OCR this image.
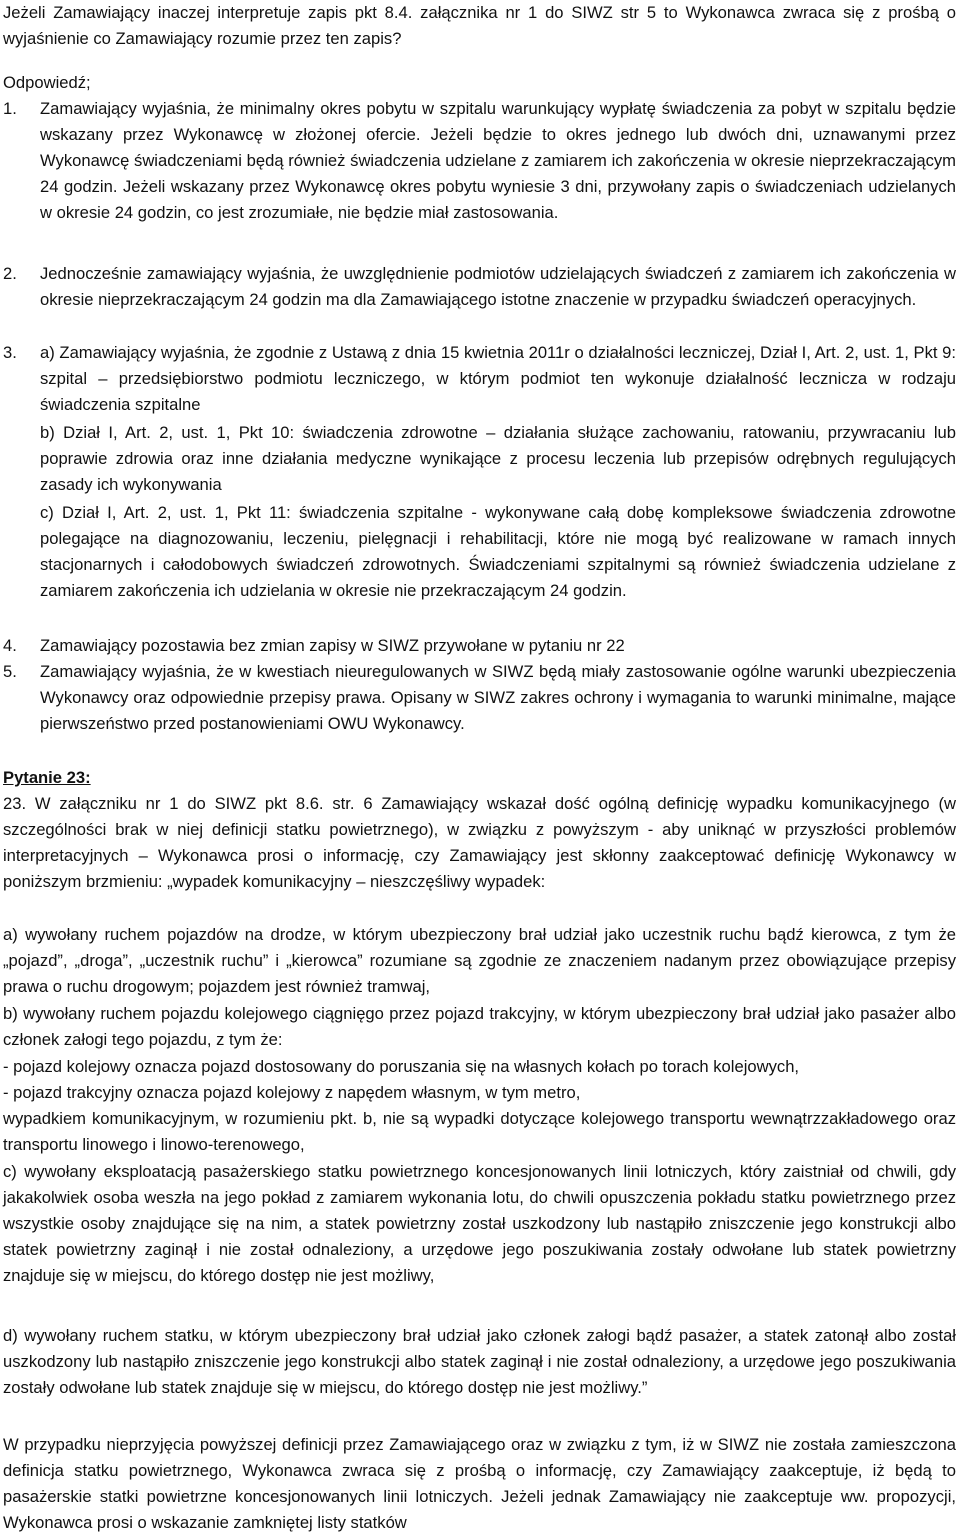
Jeżeli Zamawiający inaczej interpretuje zapis pkt 8.4. załącznika nr 1 do SIWZ str 5 to Wykonawca zwraca się z prośbą o wyjaśnienie co Zamawiający rozumie przez ten zapis?

Odpowiedź;
1. Zamawiający wyjaśnia, że minimalny okres pobytu w szpitalu warunkujący wypłatę świadczenia za pobyt w szpitalu będzie wskazany przez Wykonawcę w złożonej ofercie. Jeżeli będzie to okres jednego lub dwóch dni, uznawanymi przez Wykonawcę świadczeniami będą również świadczenia udzielane z zamiarem ich zakończenia w okresie nieprzekraczającym 24 godzin. Jeżeli wskazany przez Wykonawcę okres pobytu wyniesie 3 dni, przywołany zapis o świadczeniach udzielanych w okresie 24 godzin, co jest zrozumiałe, nie będzie miał zastosowania.

2. Jednocześnie zamawiający wyjaśnia, że uwzględnienie podmiotów udzielających świadczeń z zamiarem ich zakończenia w okresie nieprzekraczającym 24 godzin ma dla Zamawiającego istotne znaczenie w przypadku świadczeń operacyjnych.

3. a) Zamawiający wyjaśnia, że zgodnie z Ustawą z dnia 15 kwietnia 2011r o działalności leczniczej, Dział I, Art. 2, ust. 1, Pkt 9: szpital – przedsiębiorstwo podmiotu leczniczego, w którym podmiot ten wykonuje działalność lecznicza w rodzaju świadczenia szpitalne

b) Dział I, Art. 2, ust. 1, Pkt 10: świadczenia zdrowotne – działania służące zachowaniu, ratowaniu, przywracaniu lub poprawie zdrowia oraz inne działania medyczne wynikające z procesu leczenia lub przepisów odrębnych regulujących zasady ich wykonywania

c) Dział I, Art. 2, ust. 1, Pkt 11: świadczenia szpitalne - wykonywane całą dobę kompleksowe świadczenia zdrowotne polegające na diagnozowaniu, leczeniu, pielęgnacji i rehabilitacji, które nie mogą być realizowane w ramach innych stacjonarnych i całodobowych świadczeń zdrowotnych. Świadczeniami szpitalnymi są również świadczenia udzielane z zamiarem zakończenia ich udzielania w okresie nie przekraczającym 24 godzin.

4. Zamawiający pozostawia bez zmian zapisy w SIWZ przywołane w pytaniu nr 22

5. Zamawiający wyjaśnia, że w kwestiach nieuregulowanych w SIWZ będą miały zastosowanie ogólne warunki ubezpieczenia Wykonawcy oraz odpowiednie przepisy prawa. Opisany w SIWZ zakres ochrony i wymagania to warunki minimalne, mające pierwszeństwo przed postanowieniami OWU Wykonawcy.

Pytanie 23:

23. W załączniku nr 1 do SIWZ pkt 8.6. str. 6 Zamawiający wskazał dość ogólną definicję wypadku komunikacyjnego (w szczególności brak w niej definicji statku powietrznego), w związku z powyższym - aby uniknąć w przyszłości problemów interpretacyjnych – Wykonawca prosi o informację, czy Zamawiający jest skłonny zaakceptować definicję Wykonawcy w poniższym brzmieniu: „wypadek komunikacyjny – nieszczęśliwy wypadek:

a) wywołany ruchem pojazdów na drodze, w którym ubezpieczony brał udział jako uczestnik ruchu bądź kierowca, z tym że „pojazd”, „droga”, „uczestnik ruchu” i „kierowca” rozumiane są zgodnie ze znaczeniem nadanym przez obowiązujące przepisy prawa o ruchu drogowym; pojazdem jest również tramwaj,

b) wywołany ruchem pojazdu kolejowego ciągnięgo przez pojazd trakcyjny, w którym ubezpieczony brał udział jako pasażer albo członek załogi tego pojazdu, z tym że:

- pojazd kolejowy oznacza pojazd dostosowany do poruszania się na własnych kołach po torach kolejowych,

- pojazd trakcyjny oznacza pojazd kolejowy z napędem własnym, w tym metro,

wypadkiem komunikacyjnym, w rozumieniu pkt. b, nie są wypadki dotyczące kolejowego transportu wewnątrzzakładowego oraz transportu linowego i linowo-terenowego,

c) wywołany eksploatacją pasażerskiego statku powietrznego koncesjonowanych linii lotniczych, który zaistniał od chwili, gdy jakakolwiek osoba weszła na jego pokład z zamiarem wykonania lotu, do chwili opuszczenia pokładu statku powietrznego przez wszystkie osoby znajdujące się na nim, a statek powietrzny został uszkodzony lub nastąpiło zniszczenie jego konstrukcji albo statek powietrzny zaginął i nie został odnaleziony, a urzędowe jego poszukiwania zostały odwołane lub statek powietrzny znajduje się w miejscu, do którego dostęp nie jest możliwy,

d) wywołany ruchem statku, w którym ubezpieczony brał udział jako członek załogi bądź pasażer, a statek zatonął albo został uszkodzony lub nastąpiło zniszczenie jego konstrukcji albo statek zaginął i nie został odnaleziony, a urzędowe jego poszukiwania zostały odwołane lub statek znajduje się w miejscu, do którego dostęp nie jest możliwy.”

W przypadku nieprzyjęcia powyższej definicji przez Zamawiającego oraz w związku z tym, iż w SIWZ nie została zamieszczona definicja statku powietrznego, Wykonawca zwraca się z prośbą o informację, czy Zamawiający zaakceptuje, iż będą to pasażerskie statki powietrzne koncesjonowanych linii lotniczych. Jeżeli jednak Zamawiający nie zaakceptuje ww. propozycji, Wykonawca prosi o wskazanie zamkniętej listy statków
